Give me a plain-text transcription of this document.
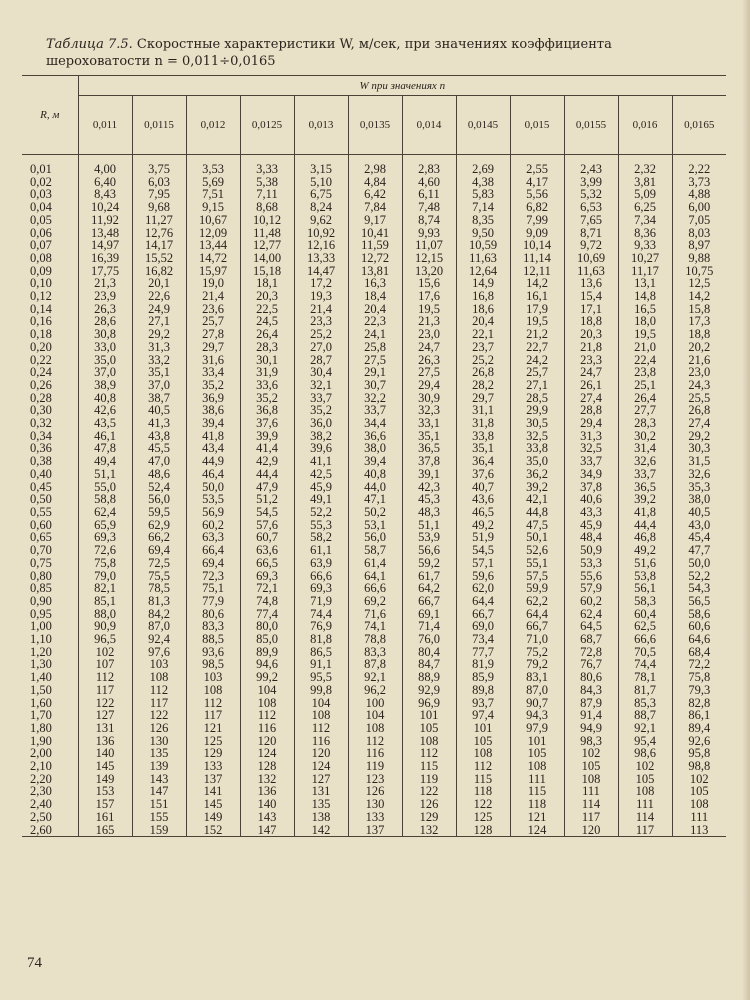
Таблица 7.5. Скоростные характеристики W, м/сек, при значениях коэффициента
шероховатости n = 0,011÷0,0165
R, м	W при значениях n											
	0,011	0,0115	0,012	0,0125	0,013	0,0135	0,014	0,0145	0,015	0,0155	0,016	0,0165
0,01	4,00	3,75	3,53	3,33	3,15	2,98	2,83	2,69	2,55	2,43	2,32	2,22
0,02	6,40	6,03	5,69	5,38	5,10	4,84	4,60	4,38	4,17	3,99	3,81	3,73
0,03	8,43	7,95	7,51	7,11	6,75	6,42	6,11	5,83	5,56	5,32	5,09	4,88
0,04	10,24	9,68	9,15	8,68	8,24	7,84	7,48	7,14	6,82	6,53	6,25	6,00
0,05	11,92	11,27	10,67	10,12	9,62	9,17	8,74	8,35	7,99	7,65	7,34	7,05
0,06	13,48	12,76	12,09	11,48	10,92	10,41	9,93	9,50	9,09	8,71	8,36	8,03
0,07	14,97	14,17	13,44	12,77	12,16	11,59	11,07	10,59	10,14	9,72	9,33	8,97
0,08	16,39	15,52	14,72	14,00	13,33	12,72	12,15	11,63	11,14	10,69	10,27	9,88
0,09	17,75	16,82	15,97	15,18	14,47	13,81	13,20	12,64	12,11	11,63	11,17	10,75
0,10	21,3	20,1	19,0	18,1	17,2	16,3	15,6	14,9	14,2	13,6	13,1	12,5
0,12	23,9	22,6	21,4	20,3	19,3	18,4	17,6	16,8	16,1	15,4	14,8	14,2
0,14	26,3	24,9	23,6	22,5	21,4	20,4	19,5	18,6	17,9	17,1	16,5	15,8
0,16	28,6	27,1	25,7	24,5	23,3	22,3	21,3	20,4	19,5	18,8	18,0	17,3
0,18	30,8	29,2	27,8	26,4	25,2	24,1	23,0	22,1	21,2	20,3	19,5	18,8
0,20	33,0	31,3	29,7	28,3	27,0	25,8	24,7	23,7	22,7	21,8	21,0	20,2
0,22	35,0	33,2	31,6	30,1	28,7	27,5	26,3	25,2	24,2	23,3	22,4	21,6
0,24	37,0	35,1	33,4	31,9	30,4	29,1	27,5	26,8	25,7	24,7	23,8	23,0
0,26	38,9	37,0	35,2	33,6	32,1	30,7	29,4	28,2	27,1	26,1	25,1	24,3
0,28	40,8	38,7	36,9	35,2	33,7	32,2	30,9	29,7	28,5	27,4	26,4	25,5
0,30	42,6	40,5	38,6	36,8	35,2	33,7	32,3	31,1	29,9	28,8	27,7	26,8
0,32	43,5	41,3	39,4	37,6	36,0	34,4	33,1	31,8	30,5	29,4	28,3	27,4
0,34	46,1	43,8	41,8	39,9	38,2	36,6	35,1	33,8	32,5	31,3	30,2	29,2
0,36	47,8	45,5	43,4	41,4	39,6	38,0	36,5	35,1	33,8	32,5	31,4	30,3
0,38	49,4	47,0	44,9	42,9	41,1	39,4	37,8	36,4	35,0	33,7	32,6	31,5
0,40	51,1	48,6	46,4	44,4	42,5	40,8	39,1	37,6	36,2	34,9	33,7	32,6
0,45	55,0	52,4	50,0	47,9	45,9	44,0	42,3	40,7	39,2	37,8	36,5	35,3
0,50	58,8	56,0	53,5	51,2	49,1	47,1	45,3	43,6	42,1	40,6	39,2	38,0
0,55	62,4	59,5	56,9	54,5	52,2	50,2	48,3	46,5	44,8	43,3	41,8	40,5
0,60	65,9	62,9	60,2	57,6	55,3	53,1	51,1	49,2	47,5	45,9	44,4	43,0
0,65	69,3	66,2	63,3	60,7	58,2	56,0	53,9	51,9	50,1	48,4	46,8	45,4
0,70	72,6	69,4	66,4	63,6	61,1	58,7	56,6	54,5	52,6	50,9	49,2	47,7
0,75	75,8	72,5	69,4	66,5	63,9	61,4	59,2	57,1	55,1	53,3	51,6	50,0
0,80	79,0	75,5	72,3	69,3	66,6	64,1	61,7	59,6	57,5	55,6	53,8	52,2
0,85	82,1	78,5	75,1	72,1	69,3	66,6	64,2	62,0	59,9	57,9	56,1	54,3
0,90	85,1	81,3	77,9	74,8	71,9	69,2	66,7	64,4	62,2	60,2	58,3	56,5
0,95	88,0	84,2	80,6	77,4	74,4	71,6	69,1	66,7	64,4	62,4	60,4	58,6
1,00	90,9	87,0	83,3	80,0	76,9	74,1	71,4	69,0	66,7	64,5	62,5	60,6
1,10	96,5	92,4	88,5	85,0	81,8	78,8	76,0	73,4	71,0	68,7	66,6	64,6
1,20	102	97,6	93,6	89,9	86,5	83,3	80,4	77,7	75,2	72,8	70,5	68,4
1,30	107	103	98,5	94,6	91,1	87,8	84,7	81,9	79,2	76,7	74,4	72,2
1,40	112	108	103	99,2	95,5	92,1	88,9	85,9	83,1	80,6	78,1	75,8
1,50	117	112	108	104	99,8	96,2	92,9	89,8	87,0	84,3	81,7	79,3
1,60	122	117	112	108	104	100	96,9	93,7	90,7	87,9	85,3	82,8
1,70	127	122	117	112	108	104	101	97,4	94,3	91,4	88,7	86,1
1,80	131	126	121	116	112	108	105	101	97,9	94,9	92,1	89,4
1,90	136	130	125	120	116	112	108	105	101	98,3	95,4	92,6
2,00	140	135	129	124	120	116	112	108	105	102	98,6	95,8
2,10	145	139	133	128	124	119	115	112	108	105	102	98,8
2,20	149	143	137	132	127	123	119	115	111	108	105	102
2,30	153	147	141	136	131	126	122	118	115	111	108	105
2,40	157	151	145	140	135	130	126	122	118	114	111	108
2,50	161	155	149	143	138	133	129	125	121	117	114	111
2,60	165	159	152	147	142	137	132	128	124	120	117	113
74
